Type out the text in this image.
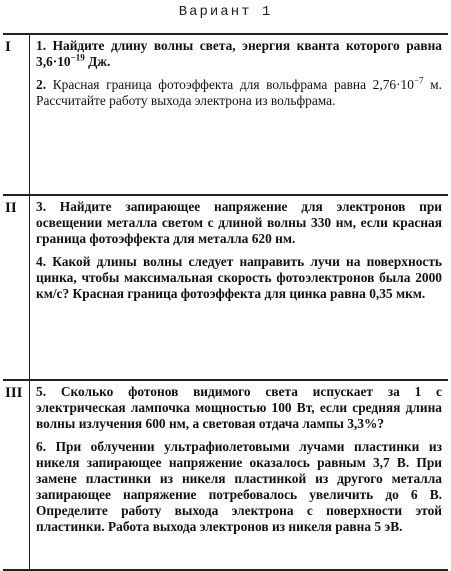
Вариант 1
I	1. Найдите длину волны света, энергия кванта которого равна $3,6\cdot 10^{-19}$ Дж.

2. Красная граница фотоэффекта для вольфрама равна $2,76\cdot 10^{-7}$ м. Рассчитайте работу выхода электрона из вольфрама.

II	3. Найдите запирающее напряжение для электронов при освещении металла светом с длиной волны 330 нм, если красная граница фотоэффекта для металла 620 нм.

4. Какой длины волны следует направить лучи на поверхность цинка, чтобы максимальная скорость фотоэлектронов была 2000 км/с? Красная граница фотоэффекта для цинка равна 0,35 мкм.

III	5. Сколько фотонов видимого света испускает за 1 с электрическая лампочка мощностью 100 Вт, если средняя длина волны излучения 600 нм, а световая отдача лампы 3,3%?

6. При облучении ультрафиолетовыми лучами пластинки из никеля запирающее напряжение оказалось равным 3,7 В. При замене пластинки из никеля пластинкой из другого металла запирающее напряжение потребовалось увеличить до 6 В. Определите работу выхода электрона с поверхности этой пластинки. Работа выхода электронов из никеля равна 5 эВ.
